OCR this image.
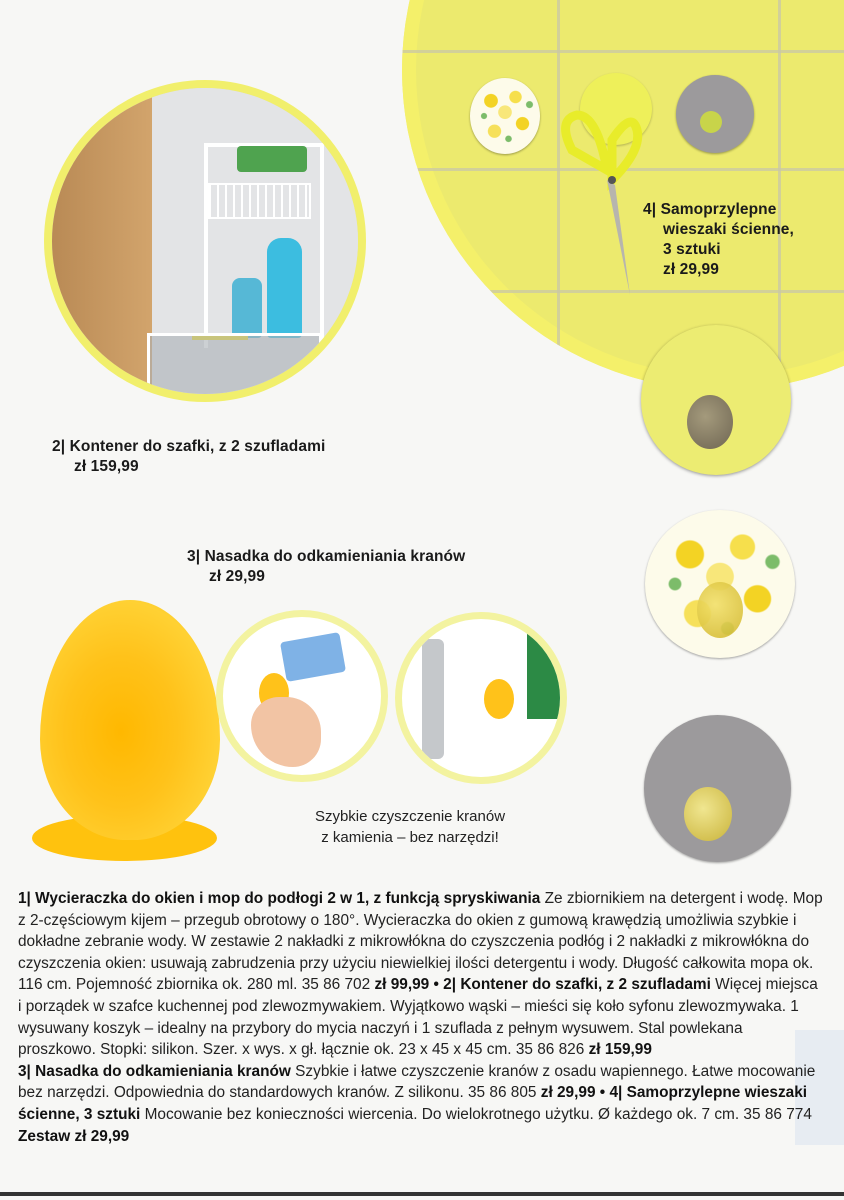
4| Samoprzylepne
wieszaki ścienne,
3 sztuki
zł 29,99
2| Kontener do szafki, z 2 szufladami
zł 159,99
3| Nasadka do odkamieniania kranów
zł 29,99
Szybkie czyszczenie kranów
z kamienia – bez narzędzi!

1| Wycieraczka do okien i mop do podłogi 2 w 1, z funkcją spryskiwania Ze zbiornikiem na detergent i wodę. Mop z 2-częściowym kijem – przegub obrotowy o 180°. Wycieraczka do okien z gumową krawędzią umożliwia szybkie i dokładne zebranie wody. W zestawie 2 nakładki z mikrowłókna do czyszczenia podłóg i 2 nakładki z mikrowłókna do czyszczenia okien: usuwają zabrudzenia przy użyciu niewielkiej ilości detergentu i wody. Długość całkowita mopa ok. 116 cm. Pojemność zbiornika ok. 280 ml. 35 86 702 zł 99,99 • 2| Kontener do szafki, z 2 szufladami Więcej miejsca i porządek w szafce kuchennej pod zlewozmywakiem. Wyjątkowo wąski – mieści się koło syfonu zlewozmywaka. 1 wysuwany koszyk – idealny na przybory do mycia naczyń i 1 szuflada z pełnym wysuwem. Stal powlekana proszkowo. Stopki: silikon. Szer. x wys. x gł. łącznie ok. 23 x 45 x 45 cm. 35 86 826 zł 159,99
3| Nasadka do odkamieniania kranów Szybkie i łatwe czyszczenie kranów z osadu wapiennego. Łatwe mocowanie bez narzędzi. Odpowiednia do standardowych kranów. Z silikonu. 35 86 805 zł 29,99 • 4| Samoprzylepne wieszaki ścienne, 3 sztuki Mocowanie bez konieczności wiercenia. Do wielokrotnego użytku. Ø każdego ok. 7 cm. 35 86 774 Zestaw zł 29,99
